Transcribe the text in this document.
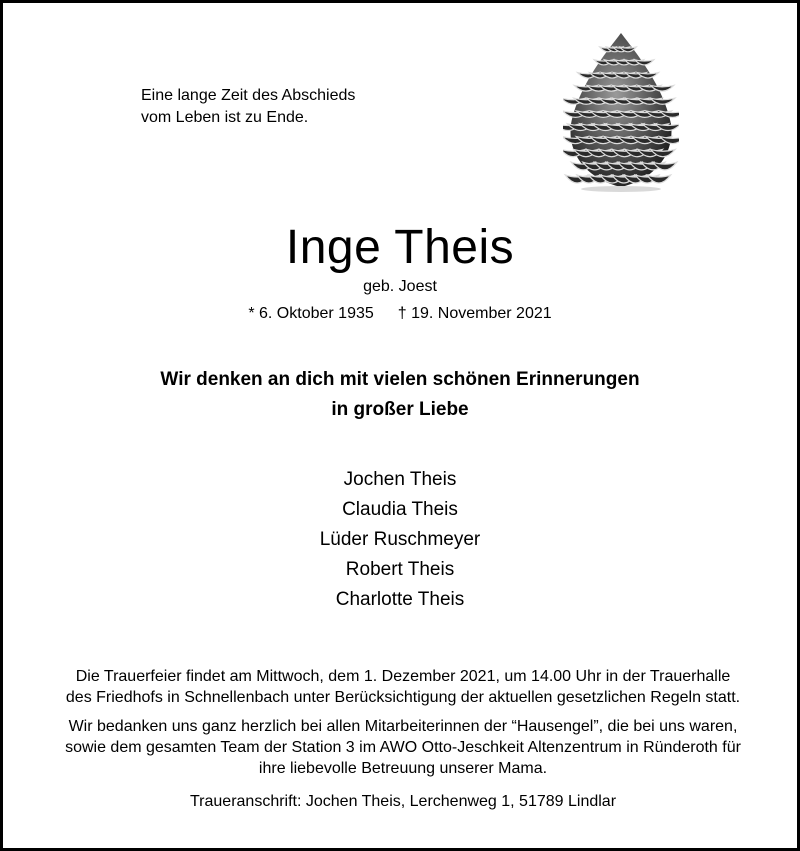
Eine lange Zeit des Abschieds
vom Leben ist zu Ende.
Inge Theis
geb. Joest
* 6. Oktober 1935 † 19. November 2021
Wir denken an dich mit vielen schönen Erinnerungen
in großer Liebe
Jochen Theis
Claudia Theis
Lüder Ruschmeyer
Robert Theis
Charlotte Theis
Die Trauerfeier findet am Mittwoch, dem 1. Dezember 2021, um 14.00 Uhr in der Trauerhalle
des Friedhofs in Schnellenbach unter Berücksichtigung der aktuellen gesetzlichen Regeln statt.
Wir bedanken uns ganz herzlich bei allen Mitarbeiterinnen der “Hausengel”, die bei uns waren,
sowie dem gesamten Team der Station 3 im AWO Otto-Jeschkeit Altenzentrum in Ründeroth für
ihre liebevolle Betreuung unserer Mama.
Traueranschrift: Jochen Theis, Lerchenweg 1, 51789 Lindlar
